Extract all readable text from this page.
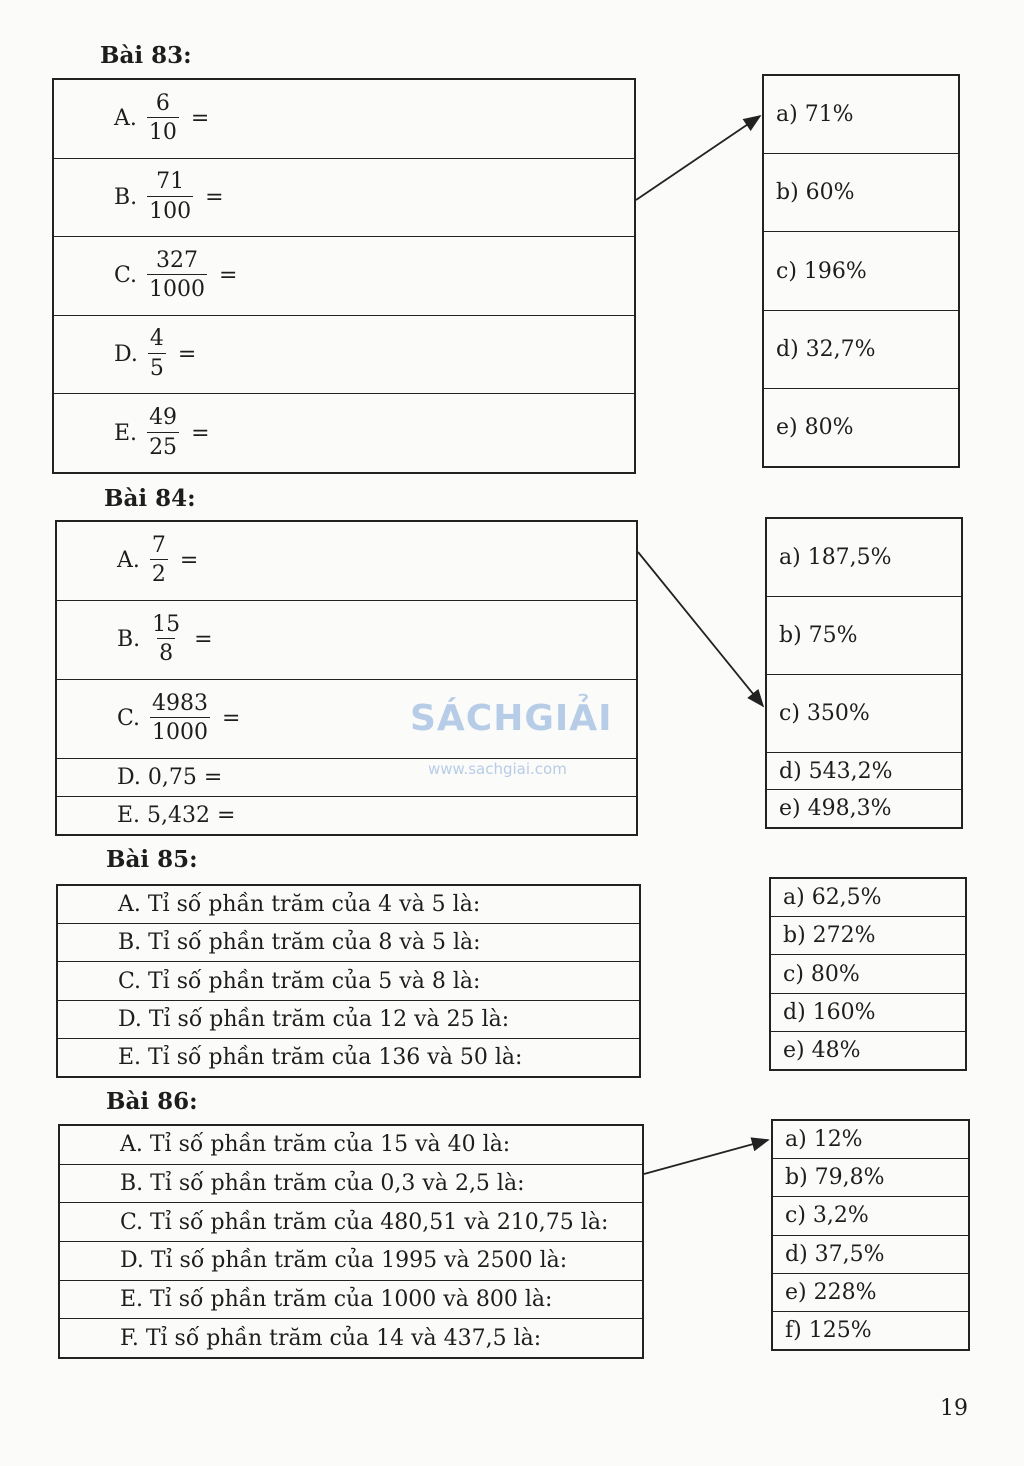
Bài 83:
A. $\frac{6}{10}$ =
B. $\frac{71}{100}$ =
C. $\frac{327}{1000}$ =
D. $\frac{4}{5}$ =
E. $\frac{49}{25}$ =
a) 71%
b) 60%
c) 196%
d) 32,7%
e) 80%
Bài 84:
A. $\frac{7}{2}$ =
B. $\frac{15}{8}$ =
C. $\frac{4983}{1000}$ =
D. 0,75 =
E. 5,432 =
a) 187,5%
b) 75%
c) 350%
d) 543,2%
e) 498,3%
Bài 85:
A. Tỉ số phần trăm của 4 và 5 là:
B. Tỉ số phần trăm của 8 và 5 là:
C. Tỉ số phần trăm của 5 và 8 là:
D. Tỉ số phần trăm của 12 và 25 là:
E. Tỉ số phần trăm của 136 và 50 là:
a) 62,5%
b) 272%
c) 80%
d) 160%
e) 48%
Bài 86:
A. Tỉ số phần trăm của 15 và 40 là:
B. Tỉ số phần trăm của 0,3 và 2,5 là:
C. Tỉ số phần trăm của 480,51 và 210,75 là:
D. Tỉ số phần trăm của 1995 và 2500 là:
E. Tỉ số phần trăm của 1000 và 800 là:
F. Tỉ số phần trăm của 14 và 437,5 là:
a) 12%
b) 79,8%
c) 3,2%
d) 37,5%
e) 228%
f) 125%
SÁCHGIẢI
www.sachgiai.com
19
